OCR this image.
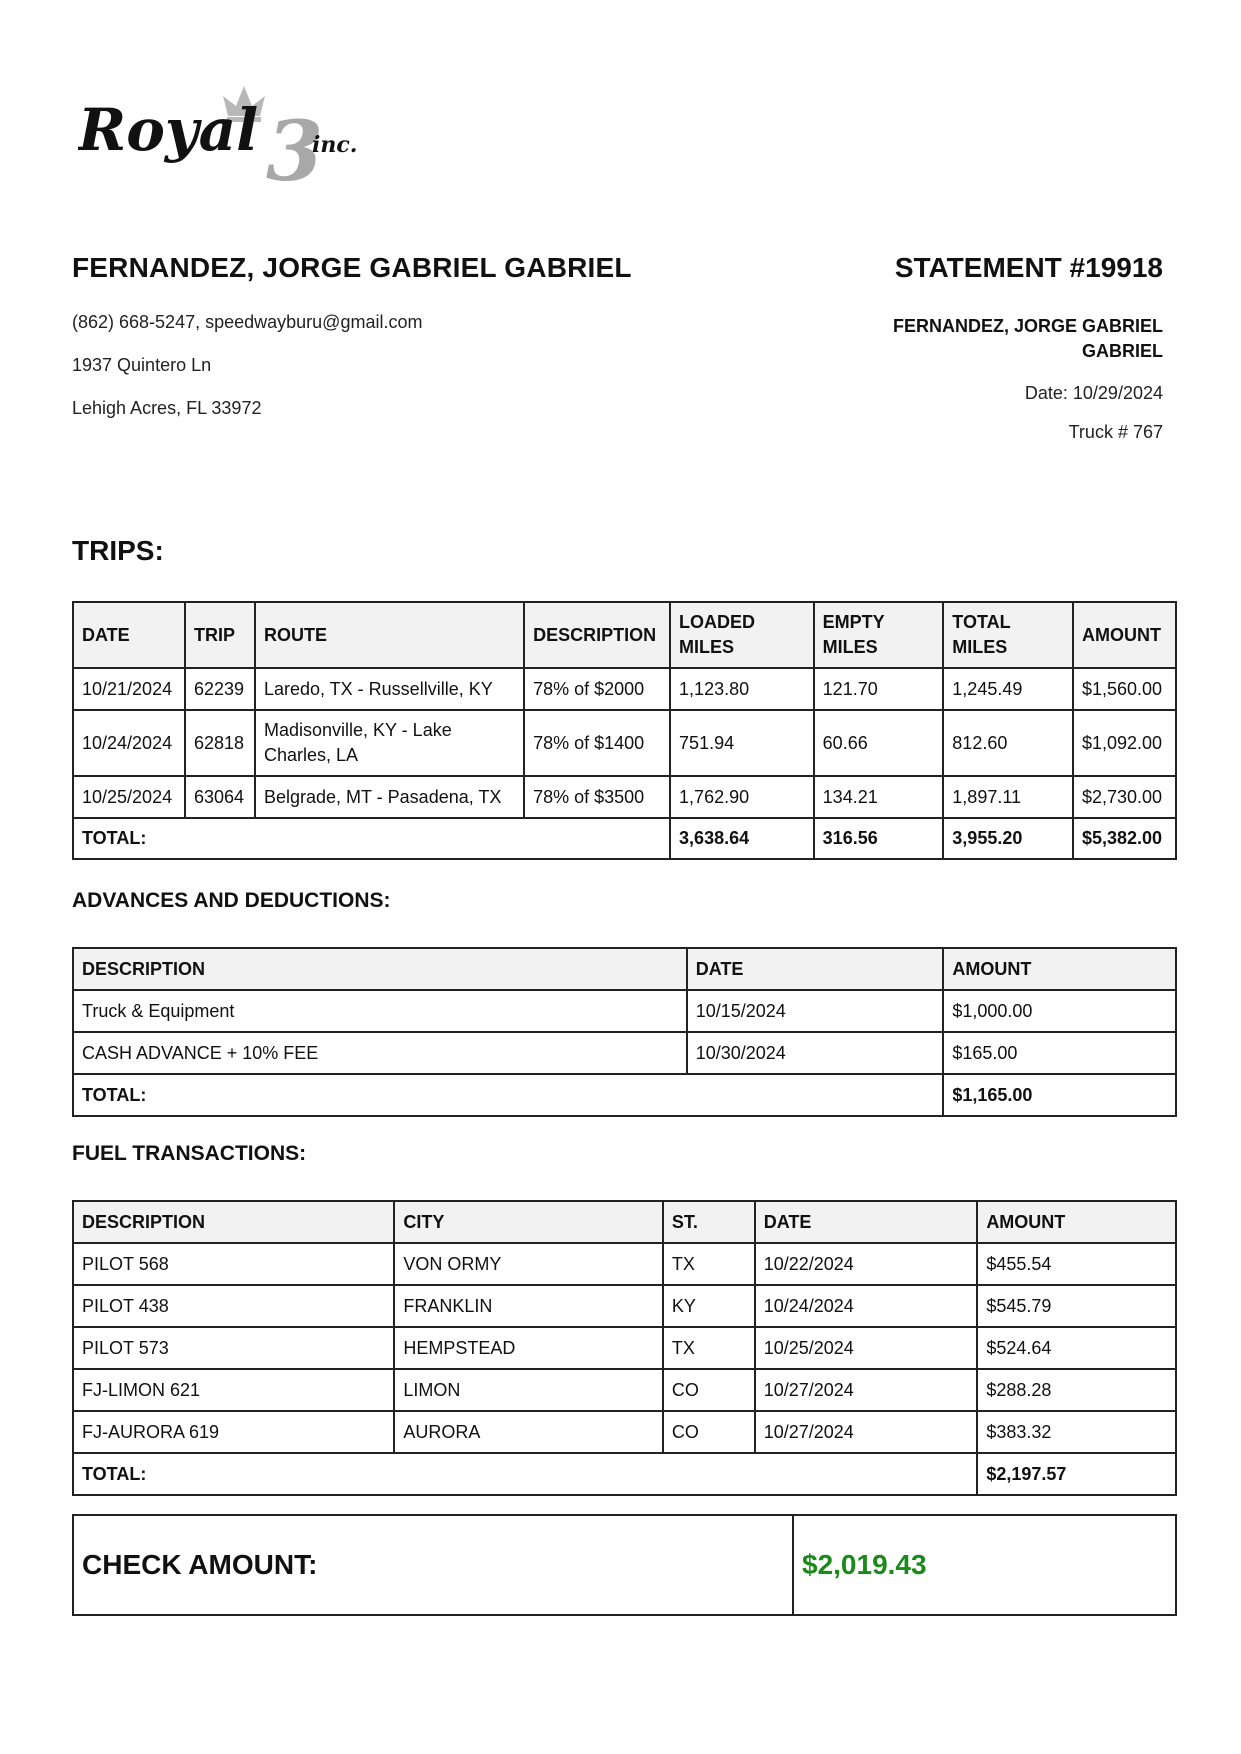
3
Royal inc.
FERNANDEZ, JORGE GABRIEL GABRIEL
(862) 668-5247, speedwayburu@gmail.com
1937 Quintero Ln
Lehigh Acres, FL 33972
STATEMENT #19918
FERNANDEZ, JORGE GABRIEL
GABRIEL
Date: 10/29/2024
Truck # 767
TRIPS:
DATE	TRIP	ROUTE	DESCRIPTION	LOADED MILES	EMPTY MILES	TOTAL MILES	AMOUNT
10/21/2024	62239	Laredo, TX - Russellville, KY	78% of $2000	1,123.80	121.70	1,245.49	$1,560.00
10/24/2024	62818	Madisonville, KY - Lake Charles, LA	78% of $1400	751.94	60.66	812.60	$1,092.00
10/25/2024	63064	Belgrade, MT - Pasadena, TX	78% of $3500	1,762.90	134.21	1,897.11	$2,730.00
TOTAL:				3,638.64	316.56	3,955.20	$5,382.00
ADVANCES AND DEDUCTIONS:
DESCRIPTION	DATE	AMOUNT
Truck & Equipment	10/15/2024	$1,000.00
CASH ADVANCE + 10% FEE	10/30/2024	$165.00
TOTAL:		$1,165.00
FUEL TRANSACTIONS:
DESCRIPTION	CITY	ST.	DATE	AMOUNT
PILOT 568	VON ORMY	TX	10/22/2024	$455.54
PILOT 438	FRANKLIN	KY	10/24/2024	$545.79
PILOT 573	HEMPSTEAD	TX	10/25/2024	$524.64
FJ-LIMON 621	LIMON	CO	10/27/2024	$288.28
FJ-AURORA 619	AURORA	CO	10/27/2024	$383.32
TOTAL:				$2,197.57
CHECK AMOUNT:	$2,019.43
